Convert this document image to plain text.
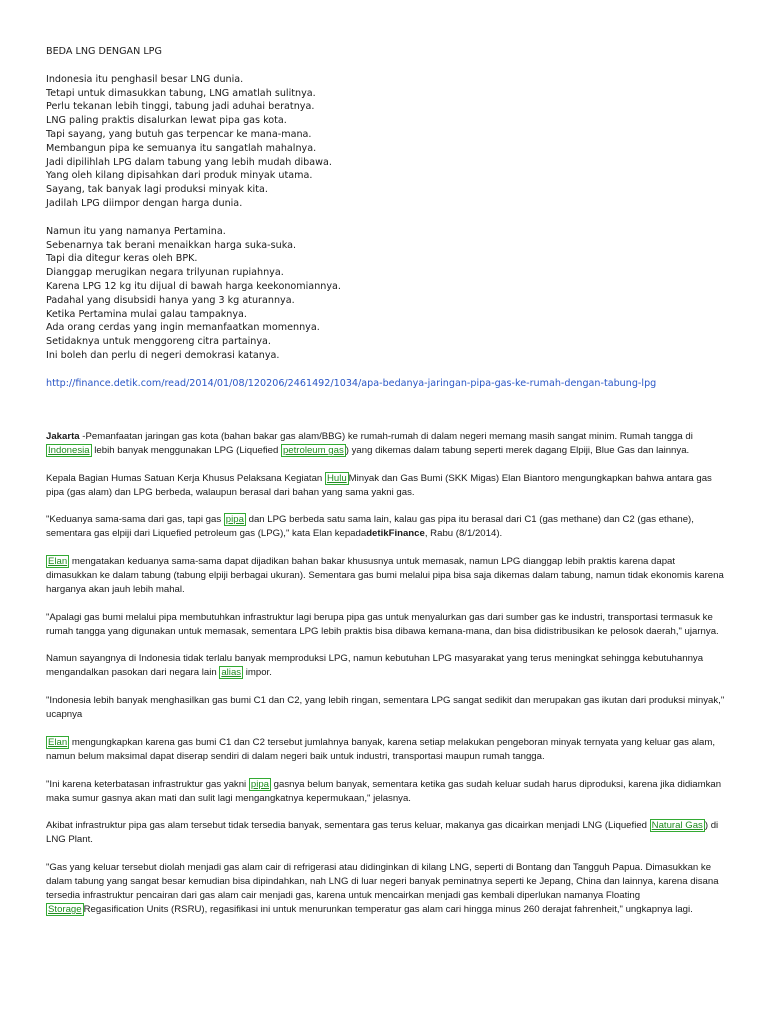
BEDA LNG DENGAN LPG
Indonesia itu penghasil besar LNG dunia.
Tetapi untuk dimasukkan tabung, LNG amatlah sulitnya.
Perlu tekanan lebih tinggi, tabung jadi aduhai beratnya.
LNG paling praktis disalurkan lewat pipa gas kota.
Tapi sayang, yang butuh gas terpencar ke mana-mana.
Membangun pipa ke semuanya itu sangatlah mahalnya.
Jadi dipilihlah LPG dalam tabung yang lebih mudah dibawa.
Yang oleh kilang dipisahkan dari produk minyak utama.
Sayang, tak banyak lagi produksi minyak kita.
Jadilah LPG diimpor dengan harga dunia.
Namun itu yang namanya Pertamina.
Sebenarnya tak berani menaikkan harga suka-suka.
Tapi dia ditegur keras oleh BPK.
Dianggap merugikan negara trilyunan rupiahnya.
Karena LPG 12 kg itu dijual di bawah harga keekonomiannya.
Padahal yang disubsidi hanya yang 3 kg aturannya.
Ketika Pertamina mulai galau tampaknya.
Ada orang cerdas yang ingin memanfaatkan momennya.
Setidaknya untuk menggoreng citra partainya.
Ini boleh dan perlu di negeri demokrasi katanya.
http://finance.detik.com/read/2014/01/08/120206/2461492/1034/apa-bedanya-jaringan-pipa-gas-ke-rumah-dengan-tabung-lpg

Jakarta -Pemanfaatan jaringan gas kota (bahan bakar gas alam/BBG) ke rumah-rumah di dalam negeri memang masih sangat minim. Rumah tangga di Indonesia lebih banyak menggunakan LPG (Liquefied petroleum gas ) yang dikemas dalam tabung seperti merek dagang Elpiji, Blue Gas dan lainnya.

Kepala Bagian Humas Satuan Kerja Khusus Pelaksana Kegiatan Hulu Minyak dan Gas Bumi (SKK Migas) Elan Biantoro mengungkapkan bahwa antara gas pipa (gas alam) dan LPG berbeda, walaupun berasal dari bahan yang sama yakni gas.

"Keduanya sama-sama dari gas, tapi gas pipa dan LPG berbeda satu sama lain, kalau gas pipa itu berasal dari C1 (gas methane) dan C2 (gas ethane), sementara gas elpiji dari Liquefied petroleum gas (LPG)," kata Elan kepadadetikFinance, Rabu (8/1/2014).

Elan mengatakan keduanya sama-sama dapat dijadikan bahan bakar khususnya untuk memasak, namun LPG dianggap lebih praktis karena dapat dimasukkan ke dalam tabung (tabung elpiji berbagai ukuran). Sementara gas bumi melalui pipa bisa saja dikemas dalam tabung, namun tidak ekonomis karena harganya akan jauh lebih mahal.

"Apalagi gas bumi melalui pipa membutuhkan infrastruktur lagi berupa pipa gas untuk menyalurkan gas dari sumber gas ke industri, transportasi termasuk ke rumah tangga yang digunakan untuk memasak, sementara LPG lebih praktis bisa dibawa kemana-mana, dan bisa didistribusikan ke pelosok daerah," ujarnya.

Namun sayangnya di Indonesia tidak terlalu banyak memproduksi LPG, namun kebutuhan LPG masyarakat yang terus meningkat sehingga kebutuhannya mengandalkan pasokan dari negara lain alias impor.

"Indonesia lebih banyak menghasilkan gas bumi C1 dan C2, yang lebih ringan, sementara LPG sangat sedikit dan merupakan gas ikutan dari produksi minyak," ucapnya

Elan mengungkapkan karena gas bumi C1 dan C2 tersebut jumlahnya banyak, karena setiap melakukan pengeboran minyak ternyata yang keluar gas alam, namun belum maksimal dapat diserap sendiri di dalam negeri baik untuk industri, transportasi maupun rumah tangga.

"Ini karena keterbatasan infrastruktur gas yakni pipa gasnya belum banyak, sementara ketika gas sudah keluar sudah harus diproduksi, karena jika didiamkan maka sumur gasnya akan mati dan sulit lagi mengangkatnya kepermukaan," jelasnya.

Akibat infrastruktur pipa gas alam tersebut tidak tersedia banyak, sementara gas terus keluar, makanya gas dicairkan menjadi LNG (Liquefied Natural Gas ) di LNG Plant.

"Gas yang keluar tersebut diolah menjadi gas alam cair di refrigerasi atau didinginkan di kilang LNG, seperti di Bontang dan Tangguh Papua. Dimasukkan ke dalam tabung yang sangat besar kemudian bisa dipindahkan, nah LNG di luar negeri banyak peminatnya seperti ke Jepang, China dan lainnya, karena disana tersedia infrastruktur pencairan dari gas alam cair menjadi gas, karena untuk mencairkan menjadi gas kembali diperlukan namanya Floating Storage Regasification Units (RSRU), regasifikasi ini untuk menurunkan temperatur gas alam cari hingga minus 260 derajat fahrenheit," ungkapnya lagi.
